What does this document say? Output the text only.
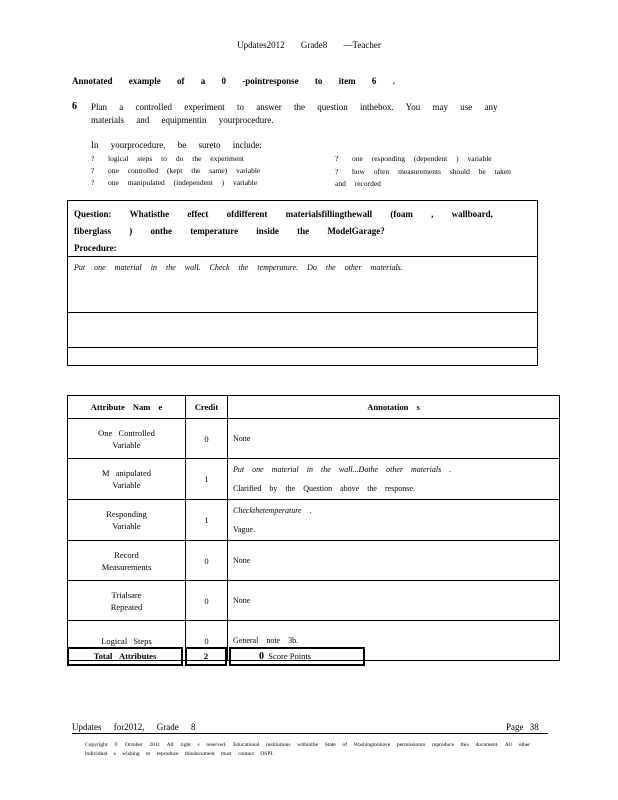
Updates2012 Grade8 —Teacher
Annotated example of a 0 -pointresponse to item 6 .
6 Plan a controlled experiment to answer the question inthebox. You may use any materials and equipmentin yourprocedure.
In yourprocedure, be sureto include:
? logical steps to do the experiment
? one controlled (kept the same) variable
? one manipulated (independent ) variable
? one responding (dependent ) variable
? how often measurements should be taken and recorded
Question: Whatisthe effect ofdifferent materialsfillingthewall (foam , wallboard, fiberglass ) onthe temperature inside the ModelGarage?
Procedure:
Put one material in the wall. Check the temperature. Do the other materials.
Attribute Nam e	Credit	Annotation s
One Controlled
Variable	0	None
M anipulated
Variable	1	Put one material in the wall...Dothe other materials .
Clarified by the Question above the response.
Responding
Variable	1	Checkthetemperature .
Vague.
Record
Measurements	0	None
Trialsare
Repeated	0	None
Logical Steps	0	General note 3b.
Total Attributes	2	0 Score Points
Updates for2012, Grade 8	Page 38
Copyright © October 2011 All right s reserved. Educational institutions withinthe State of Washingtonhave permissionto reproduce this document. All other individual s wishing to reproduce thisdocument must contact OSPI.
